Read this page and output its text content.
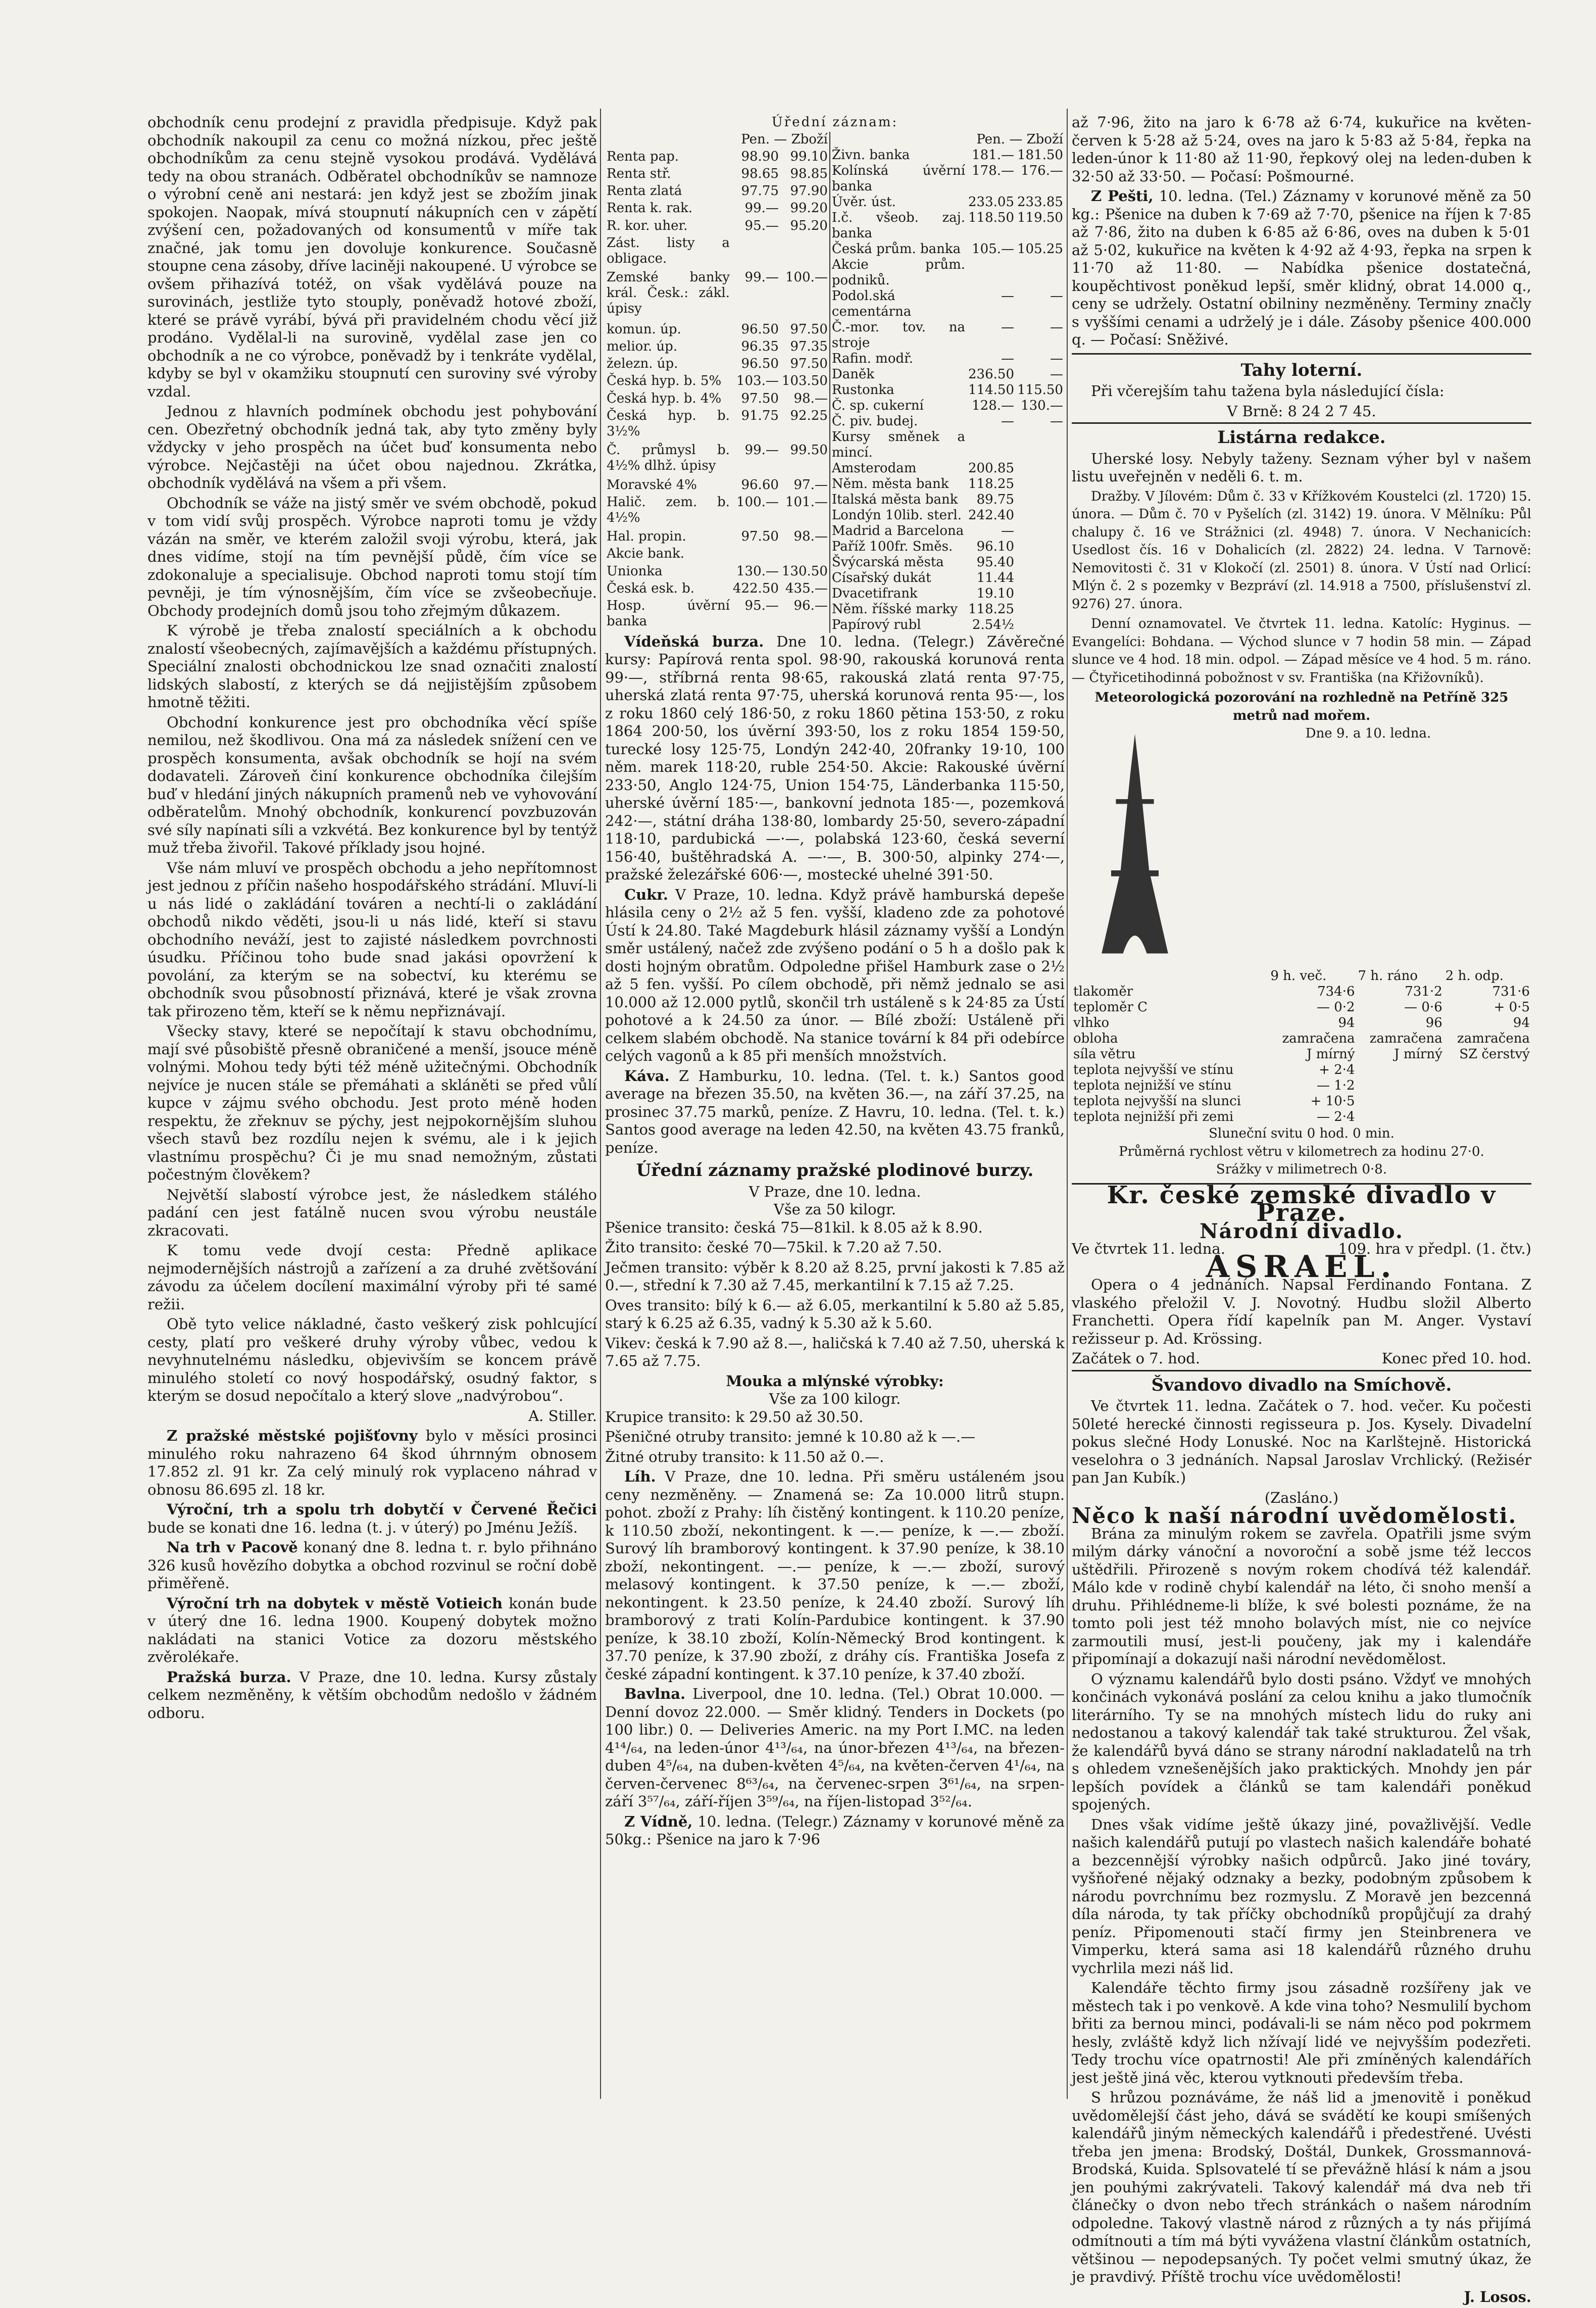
obchodník cenu prodejní z pravidla předpisuje. Když pak obchodník nakoupil za cenu co možná nízkou, přec ještě obchodníkům za cenu stejně vysokou prodává. Vydělává tedy na obou stranách. Odběratel obchodníkův se namnoze o výrobní ceně ani nestará: jen když jest se zbožím jinak spokojen. Naopak, mívá stoupnutí nákupních cen v zápětí zvýšení cen, požadovaných od konsumentů v míře tak značné, jak tomu jen dovoluje konkurence. Současně stoupne cena zásoby, dříve laciněji nakoupené. U výrobce se ovšem přihazívá totéž, on však vydělává pouze na surovinách, jestliže tyto stouply, poněvadž hotové zboží, které se právě vyrábí, bývá při pravidelném chodu věcí již prodáno. Vydělal-li na surovině, vydělal zase jen co obchodník a ne co výrobce, poněvadž by i tenkráte vydělal, kdyby se byl v okamžiku stoupnutí cen suroviny své výroby vzdal.

Jednou z hlavních podmínek obchodu jest pohybování cen. Obezřetný obchodník jedná tak, aby tyto změny byly vždycky v jeho prospěch na účet buď konsumenta nebo výrobce. Nejčastěji na účet obou najednou. Zkrátka, obchodník vydělává na všem a při všem.

Obchodník se váže na jistý směr ve svém obchodě, pokud v tom vidí svůj prospěch. Výrobce naproti tomu je vždy vázán na směr, ve kterém založil svoji výrobu, která, jak dnes vidíme, stojí na tím pevnější půdě, čím více se zdokonaluje a specialisuje. Obchod naproti tomu stojí tím pevněji, je tím výnosnějším, čím více se zvšeobecňuje. Obchody prodejních domů jsou toho zřejmým důkazem.

K výrobě je třeba znalostí speciálních a k obchodu znalostí všeobecných, zajímavějších a každému přístupných. Speciální znalosti obchodnickou lze snad označiti znalostí lidských slabostí, z kterých se dá nejjistějším způsobem hmotně těžiti.

Obchodní konkurence jest pro obchodníka věcí spíše nemilou, než škodlivou. Ona má za následek snížení cen ve prospěch konsumenta, avšak obchodník se hojí na svém dodavateli. Zároveň činí konkurence obchodníka čilejším buď v hledání jiných nákupních pramenů neb ve vyhovování odběratelům. Mnohý obchodník, konkurencí povzbuzován své síly napínati síli a vzkvétá. Bez konkurence byl by tentýž muž třeba živořil. Takové příklady jsou hojné.

Vše nám mluví ve prospěch obchodu a jeho nepřítomnost jest jednou z příčin našeho hospodářského strádání. Mluví-li u nás lidé o zakládání továren a nechtí-li o zakládání obchodů nikdo věděti, jsou-li u nás lidé, kteří si stavu obchodního neváží, jest to zajisté následkem povrchnosti úsudku. Příčinou toho bude snad jakási opovržení k povolání, za kterým se na sobectví, ku kterému se obchodník svou působností přiznává, které je však zrovna tak přirozeno těm, kteří se k němu nepřiznávají.

Všecky stavy, které se nepočítají k stavu obchodnímu, mají své působiště přesně obraničené a menší, jsouce méně volnými. Mohou tedy býti též méně užitečnými. Obchodník nejvíce je nucen stále se přemáhati a skláněti se před vůlí kupce v zájmu svého obchodu. Jest proto méně hoden respektu, že zřeknuv se pýchy, jest nejpokornějším sluhou všech stavů bez rozdílu nejen k svému, ale i k jejich vlastnímu prospěchu? Či je mu snad nemožným, zůstati počestným člověkem?

Největší slabostí výrobce jest, že následkem stálého padání cen jest fatálně nucen svou výrobu neustále zkracovati.

K tomu vede dvojí cesta: Předně aplikace nejmodernějších nástrojů a zařízení a za druhé zvětšování závodu za účelem docílení maximální výroby při té samé režii.

Obě tyto velice nákladné, často veškerý zisk pohlcující cesty, platí pro veškeré druhy výroby vůbec, vedou k nevyhnutelnému následku, objevivším se koncem právě minulého století co nový hospodářský, osudný faktor, s kterým se dosud nepočítalo a který slove „nadvýrobou“.

A. Stiller.

Z pražské městské pojišťovny bylo v měsíci prosinci minulého roku nahrazeno 64 škod úhrnným obnosem 17.852 zl. 91 kr. Za celý minulý rok vyplaceno náhrad v obnosu 86.695 zl. 18 kr.

Výroční, trh a spolu trh dobytčí v Červené Řečici bude se konati dne 16. ledna (t. j. v úterý) po Jménu Ježíš.

Na trh v Pacově konaný dne 8. ledna t. r. bylo přihnáno 326 kusů hovězího dobytka a obchod rozvinul se roční době přiměřeně.

Výroční trh na dobytek v městě Votieich konán bude v úterý dne 16. ledna 1900. Koupený dobytek možno nakládati na stanici Votice za dozoru městského zvěrolékaře.

Pražská burza. V Praze, dne 10. ledna. Kursy zůstaly celkem nezměněny, k větším obchodům nedošlo v žádném odboru.

Úřední záznam:
	Pen. — Zboží	
Renta pap.	98.90	99.10
Renta stř.	98.65	98.85
Renta zlatá	97.75	97.90
Renta k. rak.	99.—	99.20
R. kor. uher.	95.—	95.20
Zást. listy a obligace.		
Zemské banky král. Česk.: zákl. úpisy	99.—	100.—
komun. úp.	96.50	97.50
melior. úp.	96.35	97.35
železn. úp.	96.50	97.50
Česká hyp. b. 5%	103.—	103.50
Česká hyp. b. 4%	97.50	98.—
Česká hyp. b. 3½%	91.75	92.25
Č. průmysl b. 4½% dlhž. úpisy	99.—	99.50
Moravské 4%	96.60	97.—
Halič. zem. b. 4½%	100.—	101.—
Hal. propin.	97.50	98.—
Akcie bank.		
Unionka	130.—	130.50
Česká esk. b.	422.50	435.—
Hosp. úvěrní banka	95.—	96.—
	Pen. — Zboží	
Živn. banka	181.—	181.50
Kolínská úvěrní banka	178.—	176.—
Úvěr. úst.	233.05	233.85
I.č. všeob. zaj. banka	118.50	119.50
Česká prům. banka	105.—	105.25
Akcie prům. podniků.		
Podol.ská cementárna	—	—
Č.-mor. tov. na stroje	—	—
Rafin. modř.	—	—
Daněk	236.50	—
Rustonka	114.50	115.50
Č. sp. cukerní	128.—	130.—
Č. piv. budej.	—	—
Kursy směnek a mincí.		
Amsterodam	200.85	
Něm. města bank	118.25	
Italská města bank	89.75	
Londýn 10lib. sterl.	242.40	
Madrid a Barcelona	—	
Paříž 100fr. Směs.	96.10	
Švýcarská města	95.40	
Císařský dukát	11.44	
Dvacetifrank	19.10	
Něm. říšské marky	118.25	
Papírový rubl	2.54½	

Vídeňská burza. Dne 10. ledna. (Telegr.) Závěrečné kursy: Papírová renta spol. 98·90, rakouská korunová renta 99·—, stříbrná renta 98·65, rakouská zlatá renta 97·75, uherská zlatá renta 97·75, uherská korunová renta 95·—, los z roku 1860 celý 186·50, z roku 1860 pětina 153·50, z roku 1864 200·50, los úvěrní 393·50, los z roku 1854 159·50, turecké losy 125·75, Londýn 242·40, 20franky 19·10, 100 něm. marek 118·20, ruble 254·50. Akcie: Rakouské úvěrní 233·50, Anglo 124·75, Union 154·75, Länderbanka 115·50, uherské úvěrní 185·—, bankovní jednota 185·—, pozemková 242·—, státní dráha 138·80, lombardy 25·50, severo-západní 118·10, pardubická —·—, polabská 123·60, česká severní 156·40, buštěhradská A. —·—, B. 300·50, alpinky 274·—, pražské železářské 606·—, mostecké uhelné 391·50.

Cukr. V Praze, 10. ledna. Když právě hamburská depeše hlásila ceny o 2½ až 5 fen. vyšší, kladeno zde za pohotové Ústí k 24.80. Také Magdeburk hlásil záznamy vyšší a Londýn směr ustálený, načež zde zvýšeno podání o 5 h a došlo pak k dosti hojným obratům. Odpoledne přišel Hamburk zase o 2½ až 5 fen. vyšší. Po cílem obchodě, při němž jednalo se asi 10.000 až 12.000 pytlů, skončil trh ustáleně s k 24·85 za Ústí pohotové a k 24.50 za únor. — Bílé zboží: Ustáleně při celkem slabém obchodě. Na stanice tovární k 84 při odebírce celých vagonů a k 85 při menších množstvích.

Káva. Z Hamburku, 10. ledna. (Tel. t. k.) Santos good average na březen 35.50, na květen 36.—, na září 37.25, na prosinec 37.75 marků, peníze. Z Havru, 10. ledna. (Tel. t. k.) Santos good average na leden 42.50, na květen 43.75 franků, peníze.

Úřední záznamy pražské plodinové burzy.
V Praze, dne 10. ledna.
Vše za 50 kilogr.

Pšenice transito: česká 75—81kil. k 8.05 až k 8.90.

Žito transito: české 70—75kil. k 7.20 až 7.50.

Ječmen transito: výběr k 8.20 až 8.25, první jakosti k 7.85 až 0.—, střední k 7.30 až 7.45, merkantilní k 7.15 až 7.25.

Oves transito: bílý k 6.— až 6.05, merkantilní k 5.80 až 5.85, starý k 6.25 až 6.35, vadný k 5.30 až k 5.60.

Vikev: česká k 7.90 až 8.—, haličská k 7.40 až 7.50, uherská k 7.65 až 7.75.

Mouka a mlýnské výrobky:
Vše za 100 kilogr.

Krupice transito: k 29.50 až 30.50.

Pšeničné otruby transito: jemné k 10.80 až k —.—

Žitné otruby transito: k 11.50 až 0.—.

Líh. V Praze, dne 10. ledna. Při směru ustáleném jsou ceny nezměněny. — Znamená se: Za 10.000 litrů stupn. pohot. zboží z Prahy: líh čistěný kontingent. k 110.20 peníze, k 110.50 zboží, nekontingent. k —.— peníze, k —.— zboží. Surový líh bramborový kontingent. k 37.90 peníze, k 38.10 zboží, nekontingent. —.— peníze, k —.— zboží, surový melasový kontingent. k 37.50 peníze, k —.— zboží, nekontingent. k 23.50 peníze, k 24.40 zboží. Surový líh bramborový z trati Kolín-Pardubice kontingent. k 37.90 peníze, k 38.10 zboží, Kolín-Německý Brod kontingent. k 37.70 peníze, k 37.90 zboží, z dráhy cís. Františka Josefa z české západní kontingent. k 37.10 peníze, k 37.40 zboží.

Bavlna. Liverpool, dne 10. ledna. (Tel.) Obrat 10.000. — Denní dovoz 22.000. — Směr klidný. Tenders in Dockets (po 100 libr.) 0. — Deliveries Americ. na my Port I.MC. na leden 4¹⁴/₆₄, na leden-únor 4¹³/₆₄, na únor-březen 4¹³/₆₄, na březen-duben 4⁵/₆₄, na duben-květen 4⁵/₆₄, na květen-červen 4¹/₆₄, na červen-červenec 8⁶³/₆₄, na červenec-srpen 3⁶¹/₆₄, na srpen-září 3⁵⁷/₆₄, září-říjen 3⁵⁹/₆₄, na říjen-listopad 3⁵²/₆₄.

Z Vídně, 10. ledna. (Telegr.) Záznamy v korunové měně za 50kg.: Pšenice na jaro k 7·96

až 7·96, žito na jaro k 6·78 až 6·74, kukuřice na květen-červen k 5·28 až 5·24, oves na jaro k 5·83 až 5·84, řepka na leden-únor k 11·80 až 11·90, řepkový olej na leden-duben k 32·50 až 33·50. — Počasí: Pošmourné.

Z Pešti, 10. ledna. (Tel.) Záznamy v korunové měně za 50 kg.: Pšenice na duben k 7·69 až 7·70, pšenice na říjen k 7·85 až 7·86, žito na duben k 6·85 až 6·86, oves na duben k 5·01 až 5·02, kukuřice na květen k 4·92 až 4·93, řepka na srpen k 11·70 až 11·80. — Nabídka pšenice dostatečná, koupěchtivost poněkud lepší, směr klidný, obrat 14.000 q., ceny se udržely. Ostatní obilniny nezměněny. Terminy značly s vyššími cenami a udrželý je i dále. Zásoby pšenice 400.000 q. — Počasí: Sněživé.

Tahy loterní.

Při včerejším tahu tažena byla následující čísla:

V Brně: 8 24 2 7 45.
Listárna redakce.

Uherské losy. Nebyly taženy. Seznam výher byl v našem listu uveřejněn v neděli 6. t. m.

Dražby. V Jílovém: Dům č. 33 v Křížkovém Koustelci (zl. 1720) 15. února. — Dům č. 70 v Pyšelích (zl. 3142) 19. února. V Mělníku: Půl chalupy č. 16 ve Strážnici (zl. 4948) 7. února. V Nechanicích: Usedlost čís. 16 v Dohalicích (zl. 2822) 24. ledna. V Tarnově: Nemovitosti č. 31 v Klokočí (zl. 2501) 8. února. V Ústí nad Orlicí: Mlýn č. 2 s pozemky v Bezpráví (zl. 14.918 a 7500, příslušenství zl. 9276) 27. února.

Denní oznamovatel. Ve čtvrtek 11. ledna. Katolíc: Hyginus. — Evangelíci: Bohdana. — Východ slunce v 7 hodin 58 min. — Západ slunce ve 4 hod. 18 min. odpol. — Západ měsíce ve 4 hod. 5 m. ráno. — Čtyřicetihodinná pobožnost v sv. Františka (na Křižovníků).

Meteorologická pozorování na rozhledně na Petříně 325 metrů nad mořem.
Dne 9. a 10. ledna.
	9 h. več.	7 h. ráno	2 h. odp.
tlakoměr	734·6	731·2	731·6
teploměr C	— 0·2	— 0·6	+ 0·5
vlhko	94	96	94
obloha	zamračena	zamračena	zamračena
síla větru	J mírný	J mírný	SZ čerstvý
teplota nejvyšší ve stínu	+ 2·4		
teplota nejnižší ve stínu	— 1·2		
teplota nejvyšší na slunci	+ 10·5		
teplota nejnižší při zemi	— 2·4		
Sluneční svitu 0 hod. 0 min.
Průměrná rychlost větru v kilometrech za hodinu 27·0.
Srážky v milimetrech 0·8.
Kr. české zemské divadlo v Praze.
Národní divadlo.
Ve čtvrtek 11. ledna.	109. hra v předpl. (1. čtv.)
ASRAEL.

Opera o 4 jednáních. Napsal Ferdinando Fontana. Z vlaského přeložil V. J. Novotný. Hudbu složil Alberto Franchetti. Opera řídí kapelník pan M. Anger. Vystaví režisseur p. Ad. Krössing.

Začátek o 7. hod.	Konec před 10. hod.
Švandovo divadlo na Smíchově.

Ve čtvrtek 11. ledna. Začátek o 7. hod. večer. Ku počesti 50leté herecké činnosti regisseura p. Jos. Kysely. Divadelní pokus slečné Hody Lonuské. Noc na Karlštejně. Historická veselohra o 3 jednáních. Napsal Jaroslav Vrchlický. (Režisér pan Jan Kubík.)

(Zasláno.)
Něco k naší národní uvědomělosti.

Brána za minulým rokem se zavřela. Opatřili jsme svým milým dárky vánoční a novoroční a sobě jsme též leccos uštědřili. Přirozeně s novým rokem chodívá též kalendář. Málo kde v rodině chybí kalendář na léto, či snoho menší a druhu. Přihlédneme-li blíže, k své bolesti poznáme, že na tomto poli jest též mnoho bolavých míst, nie co nejvíce zarmoutili musí, jest-li poučeny, jak my i kalendáře připomínají a dokazují naši národní nevědomělost.

O významu kalendářů bylo dosti psáno. Vždyť ve mnohých končinách vykonává poslání za celou knihu a jako tlumočník literárního. Ty se na mnohých místech lidu do ruky ani nedostanou a takový kalendář tak také strukturou. Žel však, že kalendářů byvá dáno se strany národní nakladatelů na trh s ohledem vznešenějších jako praktických. Mnohdy jen pár lepších povídek a článků se tam kalendáři poněkud spojených.

Dnes však vidíme ještě úkazy jiné, považlivější. Vedle našich kalendářů putují po vlastech našich kalendáře bohaté a bezcennější výrobky našich odpůrců. Jako jiné továry, vyšňořené nějaký odznaky a bezky, podobným způsobem k národu povrchnímu bez rozmyslu. Z Moravě jen bezcenná díla národa, ty tak příčky obchodníků propůjčují za drahý peníz. Připomenouti stačí firmy jen Steinbrenera ve Vimperku, která sama asi 18 kalendářů různého druhu vychrlila mezi náš lid.

Kalendáře těchto firmy jsou zásadně rozšířeny jak ve městech tak i po venkově. A kde vina toho? Nesmulilí bychom břiti za bernou minci, podávali-li se nám něco pod pokrmem hesly, zvláště když lich nžívají lidé ve nejvyšším podezřeti. Tedy trochu více opatrnosti! Ale při zmíněných kalendářích jest ještě jiná věc, kterou vytknouti především třeba.

S hrůzou poznáváme, že náš lid a jmenovitě i poněkud uvědomělejší část jeho, dává se svádětí ke koupi smíšených kalendářů jiným německých kalendářů i předestřené. Uvésti třeba jen jmena: Brodský, Doštál, Dunkek, Grossmannová-Brodská, Kuida. Splsovatelé tí se převážně hlásí k nám a jsou jen pouhými zakrývateli. Takový kalendář má dva neb tři článečky o dvon nebo třech stránkách o našem národním odpoledne. Takový vlastně národ z různých a ty nás přijímá odmítnouti a tím má býti vyvážena vlastní článkům ostatních, většinou — nepodepsaných. Ty počet velmi smutný úkaz, že je pravdivý. Příště trochu více uvědomělosti!

J. Losos.
